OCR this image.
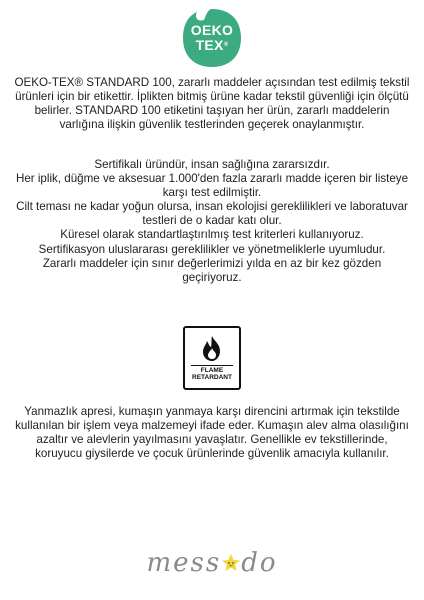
OEKO
TEX®

OEKO-TEX® STANDARD 100, zararlı maddeler açısından test edilmiş tekstil ürünleri için bir etikettir. İplikten bitmiş ürüne kadar tekstil güvenliği için ölçütü belirler. STANDARD 100 etiketini taşıyan her ürün, zararlı maddelerin varlığına ilişkin güvenlik testlerinden geçerek onaylanmıştır.

Sertifikalı üründür, insan sağlığına zararsızdır.

Her iplik, düğme ve aksesuar 1.000'den fazla zararlı madde içeren bir listeye karşı test edilmiştir.

Cilt teması ne kadar yoğun olursa, insan ekolojisi gereklilikleri ve laboratuvar testleri de o kadar katı olur.

Küresel olarak standartlaştırılmış test kriterleri kullanıyoruz.

Sertifikasyon uluslararası gereklilikler ve yönetmeliklerle uyumludur.

Zararlı maddeler için sınır değerlerimizi yılda en az bir kez gözden geçiriyoruz.

FLAME
RETARDANT

Yanmazlık apresi, kumaşın yanmaya karşı direncini artırmak için tekstilde kullanılan bir işlem veya malzemeyi ifade eder. Kumaşın alev alma olasılığını azaltır ve alevlerin yayılmasını yavaşlatır. Genellikle ev tekstillerinde, koruyucu giysilerde ve çocuk ürünlerinde güvenlik amacıyla kullanılır.

mess do
